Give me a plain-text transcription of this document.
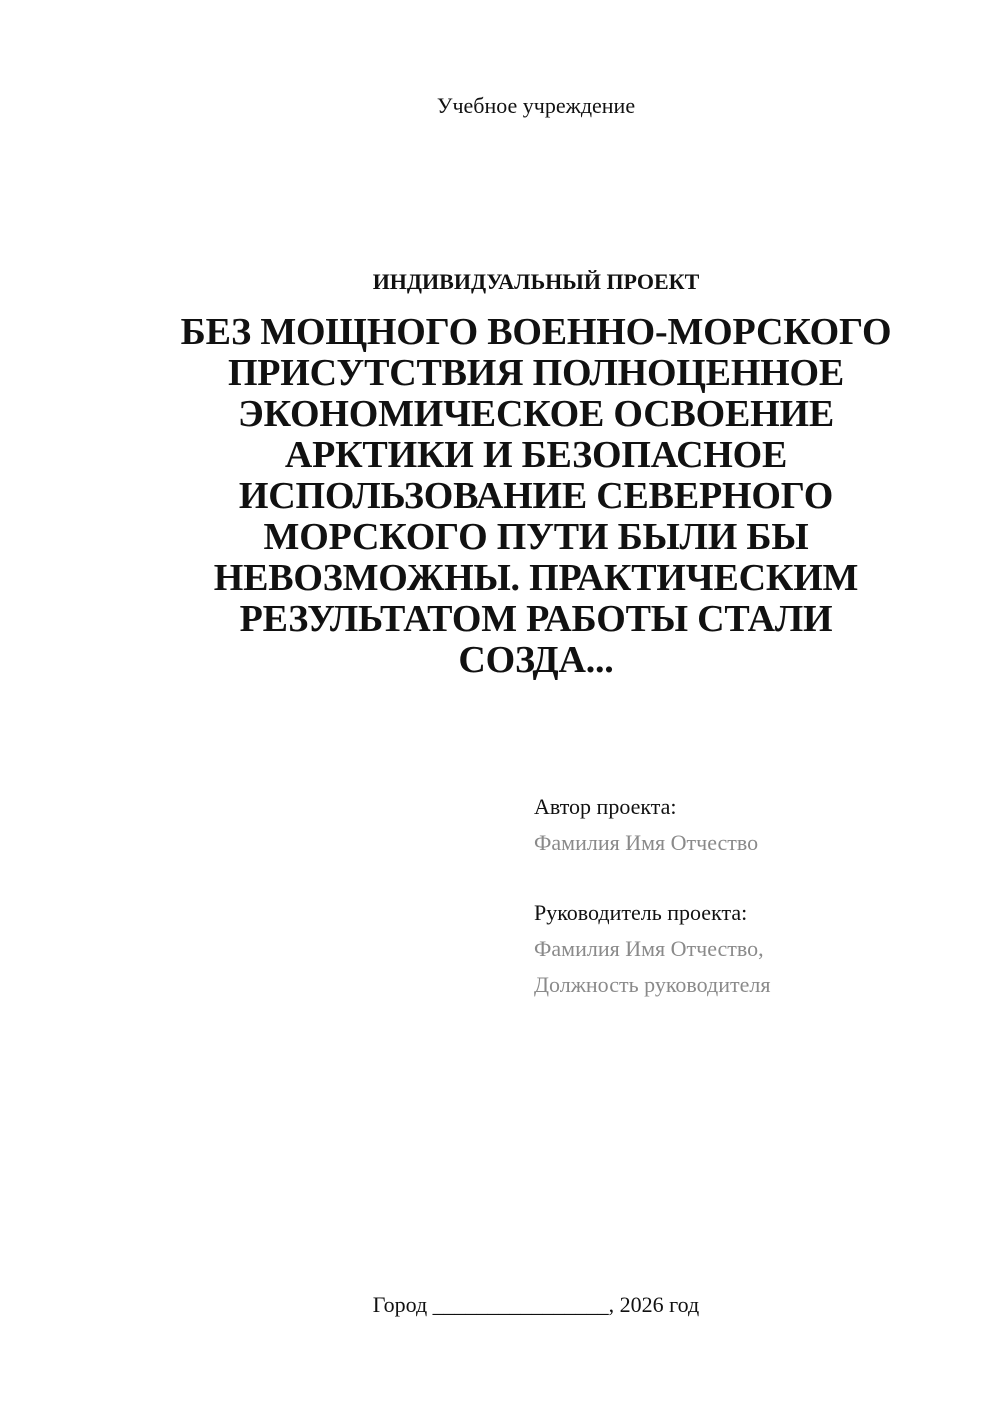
Учебное учреждение
ИНДИВИДУАЛЬНЫЙ ПРОЕКТ
БЕЗ МОЩНОГО ВОЕННО-МОРСКОГО
ПРИСУТСТВИЯ ПОЛНОЦЕННОЕ
ЭКОНОМИЧЕСКОЕ ОСВОЕНИЕ
АРКТИКИ И БЕЗОПАСНОЕ
ИСПОЛЬЗОВАНИЕ СЕВЕРНОГО
МОРСКОГО ПУТИ БЫЛИ БЫ
НЕВОЗМОЖНЫ. ПРАКТИЧЕСКИМ
РЕЗУЛЬТАТОМ РАБОТЫ СТАЛИ
СОЗДА...
Автор проекта:
Фамилия Имя Отчество
Руководитель проекта:
Фамилия Имя Отчество,
Должность руководителя
Город ________________, 2026 год
